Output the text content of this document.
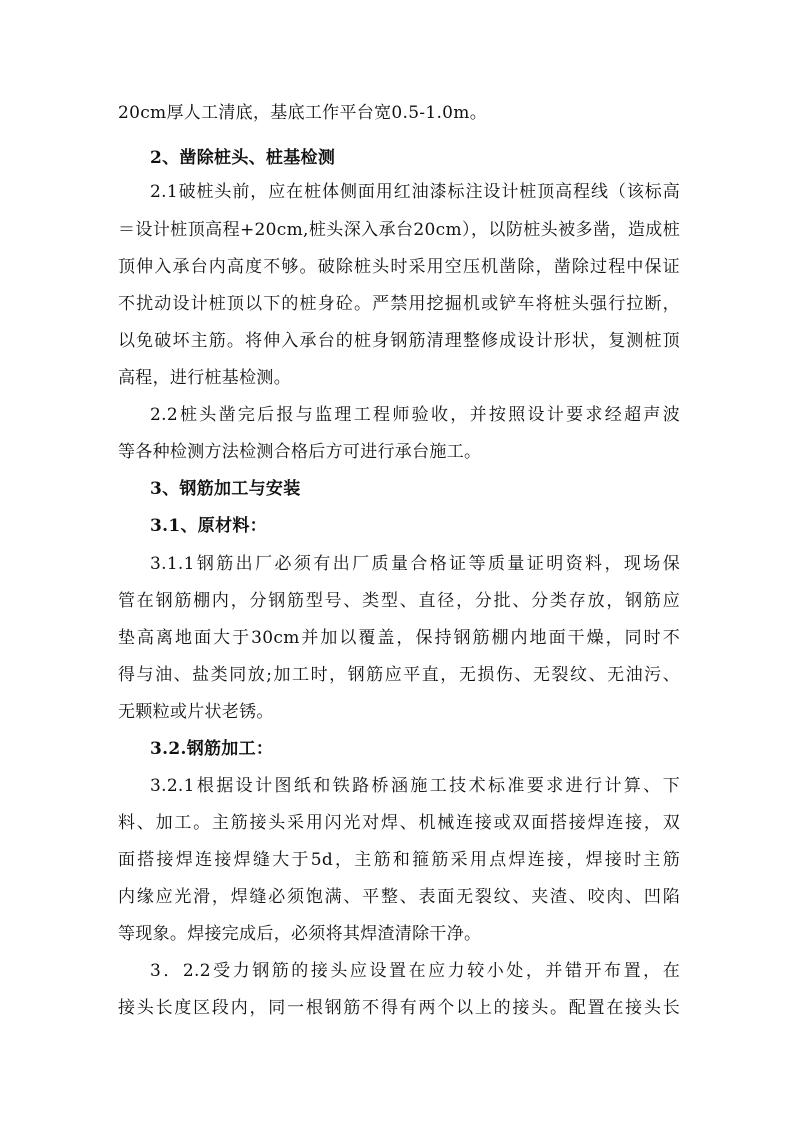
20cm厚人工清底，基底工作平台宽0.5-1.0m。
2、凿除桩头、桩基检测
2.1破桩头前，应在桩体侧面用红油漆标注设计桩顶高程线（该标高
＝设计桩顶高程+20cm,桩头深入承台20cm），以防桩头被多凿，造成桩
顶伸入承台内高度不够。破除桩头时采用空压机凿除，凿除过程中保证
不扰动设计桩顶以下的桩身砼。严禁用挖掘机或铲车将桩头强行拉断，
以免破坏主筋。将伸入承台的桩身钢筋清理整修成设计形状，复测桩顶
高程，进行桩基检测。
2.2桩头凿完后报与监理工程师验收，并按照设计要求经超声波
等各种检测方法检测合格后方可进行承台施工。
3、钢筋加工与安装
3.1、原材料：
3.1.1钢筋出厂必须有出厂质量合格证等质量证明资料，现场保
管在钢筋棚内，分钢筋型号、类型、直径，分批、分类存放，钢筋应
垫高离地面大于30cm并加以覆盖，保持钢筋棚内地面干燥，同时不
得与油、盐类同放;加工时，钢筋应平直，无损伤、无裂纹、无油污、
无颗粒或片状老锈。
3.2.钢筋加工：
3.2.1根据设计图纸和铁路桥涵施工技术标准要求进行计算、下
料、加工。主筋接头采用闪光对焊、机械连接或双面搭接焊连接，双
面搭接焊连接焊缝大于5d，主筋和箍筋采用点焊连接，焊接时主筋
内缘应光滑，焊缝必须饱满、平整、表面无裂纹、夹渣、咬肉、凹陷
等现象。焊接完成后，必须将其焊渣清除干净。
3．2.2受力钢筋的接头应设置在应力较小处，并错开布置，在
接头长度区段内，同一根钢筋不得有两个以上的接头。配置在接头长
